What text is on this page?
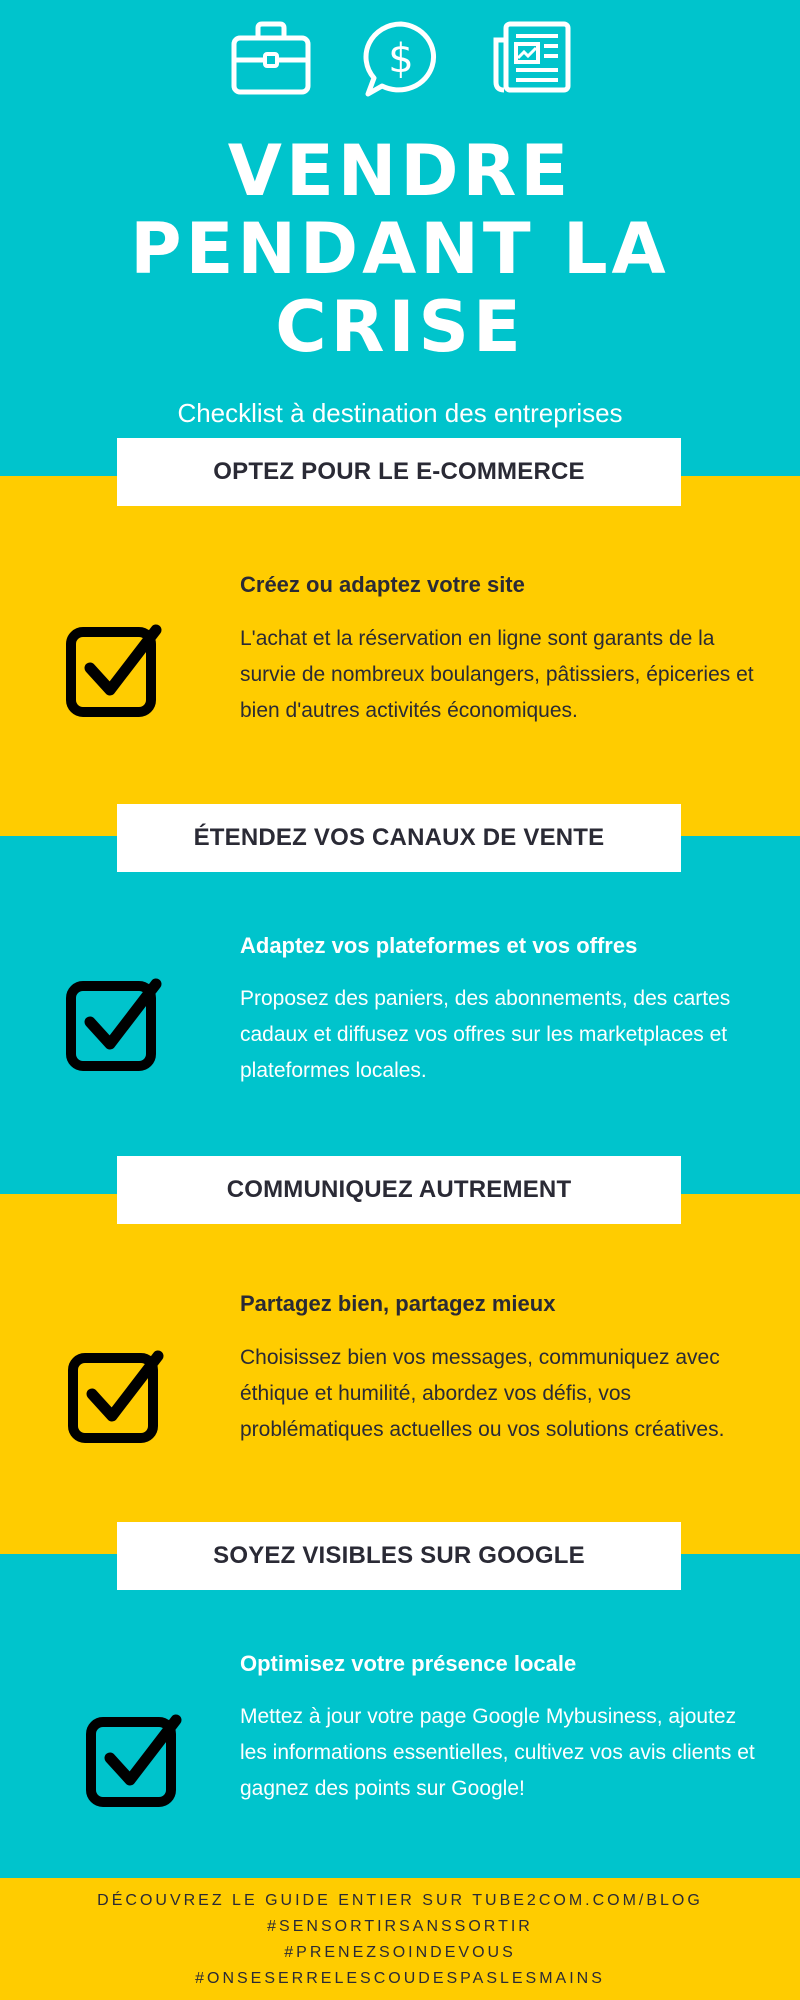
$
VENDRE
PENDANT LA
CRISE
Checklist à destination des entreprises
OPTEZ POUR LE E-COMMERCE
Créez ou adaptez votre site
L'achat et la réservation en ligne sont garants de la survie de nombreux boulangers, pâtissiers, épiceries et bien d'autres activités économiques.
ÉTENDEZ VOS CANAUX DE VENTE
Adaptez vos plateformes et vos offres
Proposez des paniers, des abonnements, des cartes cadaux et diffusez vos offres sur les marketplaces et plateformes locales.
COMMUNIQUEZ AUTREMENT
Partagez bien, partagez mieux
Choisissez bien vos messages, communiquez avec éthique et humilité, abordez vos défis, vos problématiques actuelles ou vos solutions créatives.
SOYEZ VISIBLES SUR GOOGLE
Optimisez votre présence locale
Mettez à jour votre page Google Mybusiness, ajoutez les informations essentielles, cultivez vos avis clients et gagnez des points sur Google!
DÉCOUVREZ LE GUIDE ENTIER SUR TUBE2COM.COM/BLOG
#SENSORTIRSANSSORTIR
#PRENEZSOINDEVOUS
#ONSESERRELESCOUDESPASLESMAINS
